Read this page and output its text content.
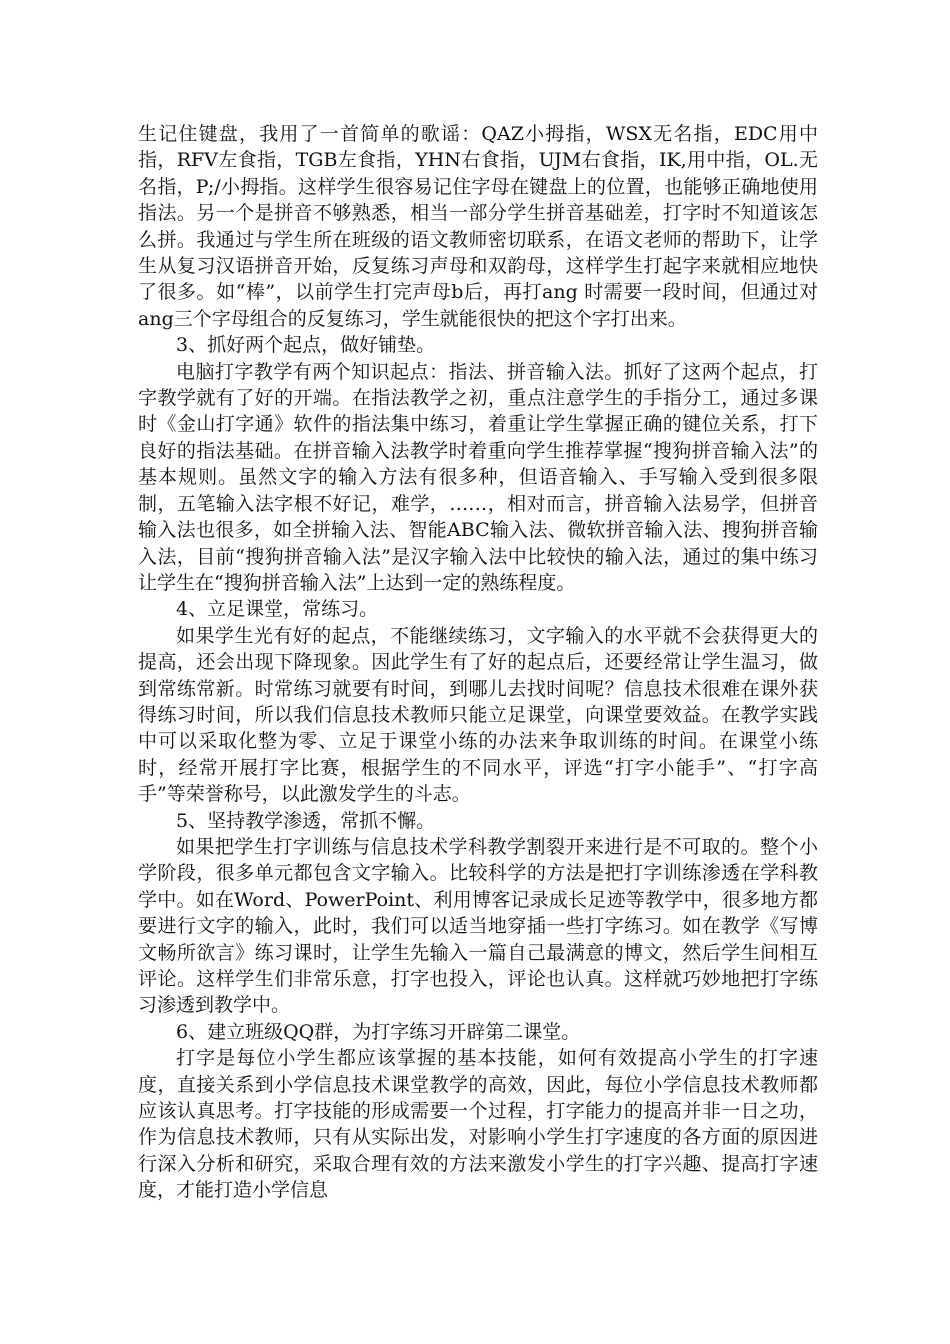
生记住键盘，我用了一首简单的歌谣：QAZ小拇指，WSX无名指，EDC用中指，RFV左食指，TGB左食指，YHN右食指，UJM右食指，IK,用中指，OL.无名指，P;/小拇指。这样学生很容易记住字母在键盘上的位置，也能够正确地使用指法。另一个是拼音不够熟悉，相当一部分学生拼音基础差，打字时不知道该怎么拼。我通过与学生所在班级的语文教师密切联系，在语文老师的帮助下，让学生从复习汉语拼音开始，反复练习声母和双韵母，这样学生打起字来就相应地快了很多。如“棒”，以前学生打完声母b后，再打ang 时需要一段时间，但通过对ang三个字母组合的反复练习，学生就能很快的把这个字打出来。

3、抓好两个起点，做好铺垫。

电脑打字教学有两个知识起点：指法、拼音输入法。抓好了这两个起点，打字教学就有了好的开端。在指法教学之初，重点注意学生的手指分工，通过多课时《金山打字通》软件的指法集中练习，着重让学生掌握正确的键位关系，打下良好的指法基础。在拼音输入法教学时着重向学生推荐掌握“搜狗拼音输入法”的基本规则。虽然文字的输入方法有很多种，但语音输入、手写输入受到很多限制，五笔输入法字根不好记，难学，……，相对而言，拼音输入法易学，但拼音输入法也很多，如全拼输入法、智能ABC输入法、微软拼音输入法、搜狗拼音输入法，目前“搜狗拼音输入法”是汉字输入法中比较快的输入法，通过的集中练习让学生在“搜狗拼音输入法”上达到一定的熟练程度。

4、立足课堂，常练习。

如果学生光有好的起点，不能继续练习，文字输入的水平就不会获得更大的提高，还会出现下降现象。因此学生有了好的起点后，还要经常让学生温习，做到常练常新。时常练习就要有时间，到哪儿去找时间呢？信息技术很难在课外获得练习时间，所以我们信息技术教师只能立足课堂，向课堂要效益。在教学实践中可以采取化整为零、立足于课堂小练的办法来争取训练的时间。在课堂小练时，经常开展打字比赛，根据学生的不同水平，评选“打字小能手”、“打字高手”等荣誉称号，以此激发学生的斗志。

5、坚持教学渗透，常抓不懈。

如果把学生打字训练与信息技术学科教学割裂开来进行是不可取的。整个小学阶段，很多单元都包含文字输入。比较科学的方法是把打字训练渗透在学科教学中。如在Word、PowerPoint、利用博客记录成长足迹等教学中，很多地方都要进行文字的输入，此时，我们可以适当地穿插一些打字练习。如在教学《写博文畅所欲言》练习课时，让学生先输入一篇自己最满意的博文，然后学生间相互评论。这样学生们非常乐意，打字也投入，评论也认真。这样就巧妙地把打字练习渗透到教学中。

6、建立班级QQ群，为打字练习开辟第二课堂。

打字是每位小学生都应该掌握的基本技能，如何有效提高小学生的打字速度，直接关系到小学信息技术课堂教学的高效，因此，每位小学信息技术教师都应该认真思考。打字技能的形成需要一个过程，打字能力的提高并非一日之功，作为信息技术教师，只有从实际出发，对影响小学生打字速度的各方面的原因进行深入分析和研究，采取合理有效的方法来激发小学生的打字兴趣、提高打字速度，才能打造小学信息
